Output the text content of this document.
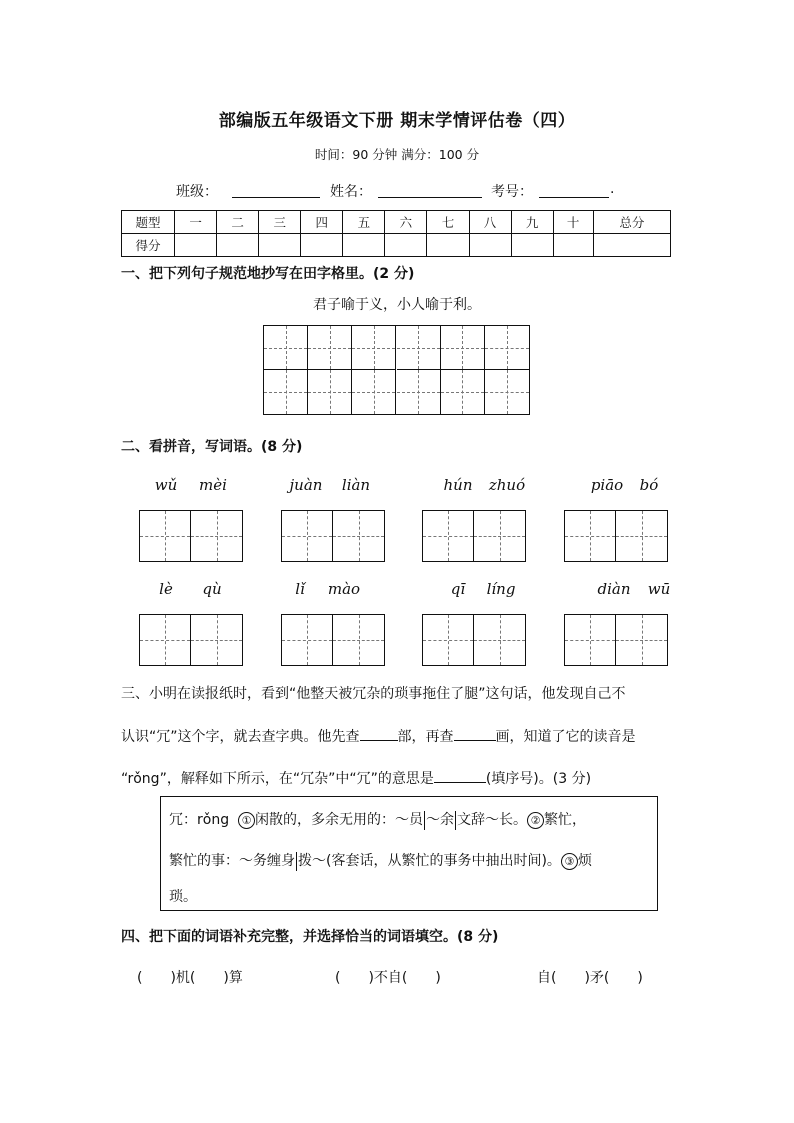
部编版五年级语文下册 期末学情评估卷（四）
时间：90 分钟 满分：100 分
班级：	姓名：	考号：	.
题型	一	二	三	四	五	六	七	八	九	十	总分
得分											
一、把下列句子规范地抄写在田字格里。(2 分)
君子喻于义，小人喻于利。
二、看拼音，写词语。(8 分)
wǔ	mèi	juàn	liàn	hún	zhuó	piāo	bó
lè	qù	lǐ	mào	qī	líng	diàn	wū
三、小明在读报纸时，看到“他整天被冗杂的琐事拖住了腿”这句话，他发现自己不
认识“冗”这个字，就去查字典。他先查	部，再查	画，知道了它的读音是
“rǒng”，解释如下所示，在“冗杂”中“冗”的意思是	(填序号)。(3 分)
冗：rǒng ① 闲散的，多余无用的：～员 ～余 文辞～长。 ② 繁忙，
繁忙的事：～务缠身 拨～(客套话，从繁忙的事务中抽出时间)。 ③ 烦
琐。
四、把下面的词语补充完整，并选择恰当的词语填空。(8 分)
(　　)机(　　)算	(　　)不自(　　)	自(　　)矛(　　)
